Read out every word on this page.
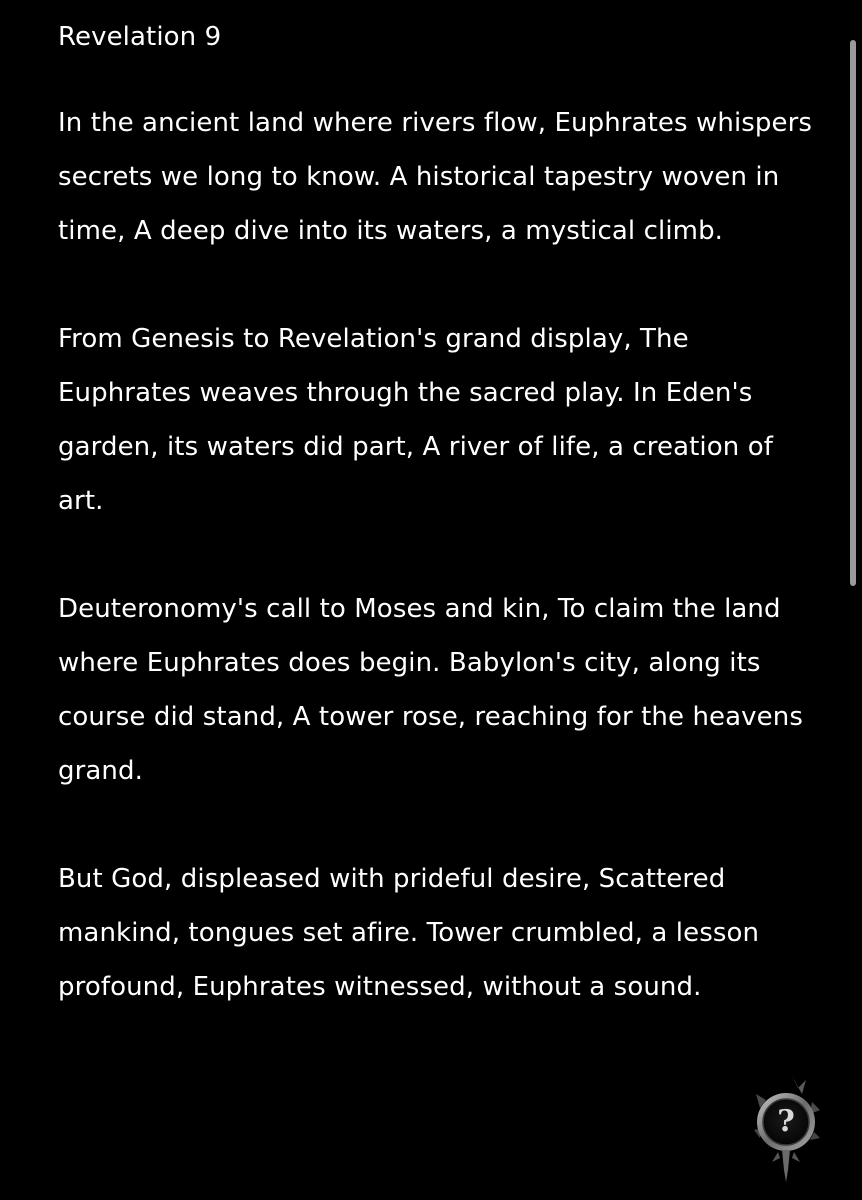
Revelation 9

In the ancient land where rivers flow, Euphrates whispers secrets we long to know. A historical tapestry woven in time, A deep dive into its waters, a mystical climb.

From Genesis to Revelation's grand display, The Euphrates weaves through the sacred play. In Eden's garden, its waters did part, A river of life, a creation of art.

Deuteronomy's call to Moses and kin, To claim the land where Euphrates does begin. Babylon's city, along its course did stand, A tower rose, reaching for the heavens grand.

But God, displeased with prideful desire, Scattered mankind, tongues set afire. Tower crumbled, a lesson profound, Euphrates witnessed, without a sound.

?
